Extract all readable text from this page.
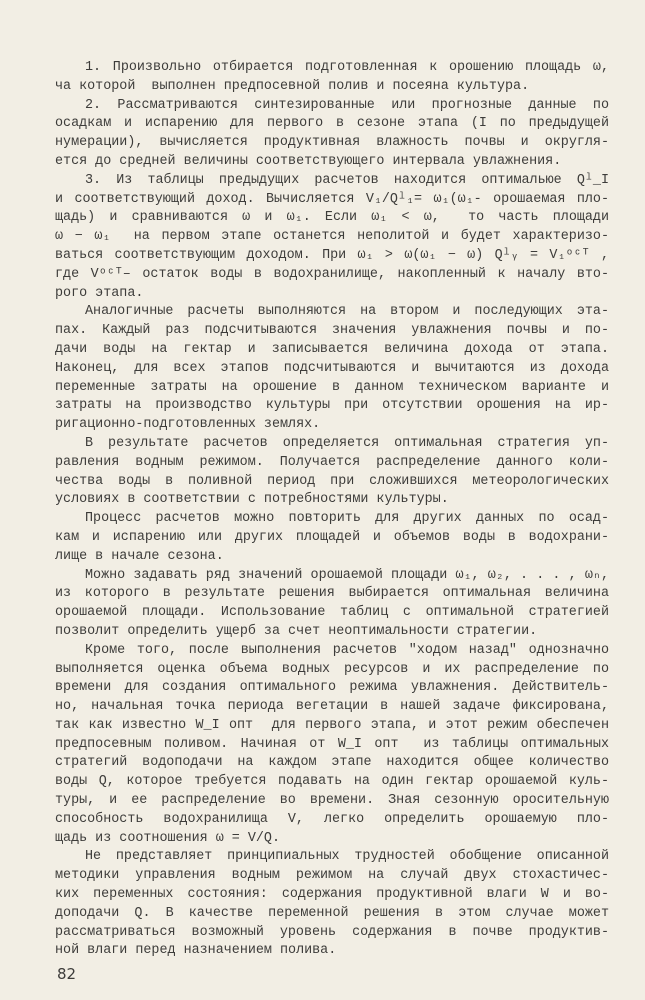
1. Произвольно отбирается подготовленная к орошению площадь ω,
ча которой  выполнен предпосевной полив и посеяна культура.
2. Рассматриваются синтезированные или прогнозные данные по
осадкам и испарению для первого в сезоне этапа (I по предыдущей
нумерации), вычисляется продуктивная влажность почвы и округля-
ется до средней величины соответствующего интервала увлажнения.
3. Из таблицы предыдущих расчетов находится оптимальюе Qˡ_I
и соответствующий доход. Вычисляется V₁/Qˡ₁= ω₁(ω₁- орошаемая пло-
щадь) и сравниваются ω и ω₁. Если ω₁ < ω,  то часть площади
ω − ω₁  на первом этапе останется неполитой и будет характеризо-
ваться соответствующим доходом. При ω₁ > ω(ω₁ − ω) Qˡᵧ = V₁ᵒᶜᵀ ,
где Vᵒᶜᵀ– остаток воды в водохранилище, накопленный к началу вто-
рого этапа.
Аналогичные расчеты выполняются на втором и последующих эта-
пах. Каждый раз подсчитываются значения увлажнения почвы и по-
дачи воды на гектар и записывается величина дохода от этапа.
Наконец, для всех этапов подсчитываются и вычитаются из дохода
переменные затраты на орошение в данном техническом варианте и
затраты на производство культуры при отсутствии орошения на ир-
ригационно-подготовленных землях.
В результате расчетов определяется оптимальная стратегия уп-
равления водным режимом. Получается распределение данного коли-
чества воды в поливной период при сложившихся метеорологических
условиях в соответствии с потребностями культуры.
Процесс расчетов можно повторить для других данных по осад-
кам и испарению или других площадей и объемов воды в водохрани-
лище в начале сезона.
Можно задавать ряд значений орошаемой площади ω₁, ω₂, . . . , ωₙ,
из которого в результате решения выбирается оптимальная величина
орошаемой площади. Использование таблиц с оптимальной стратегией
позволит определить ущерб за счет неоптимальности стратегии.
Кроме того, после выполнения расчетов "ходом назад" однозначно
выполняется оценка объема водных ресурсов и их распределение по
времени для создания оптимального режима увлажнения. Действитель-
но, начальная точка периода вегетации в нашей задаче фиксирована,
так как известно W_I опт  для первого этапа, и этот режим обеспечен
предпосевным поливом. Начиная от W_I опт  из таблицы оптимальных
стратегий водоподачи на каждом этапе находится общее количество
воды Q, которое требуется подавать на один гектар орошаемой куль-
туры, и ее распределение во времени. Зная сезонную оросительную
способность водохранилища V, легко определить орошаемую пло-
щадь из соотношения ω = V/Q.
Не представляет принципиальных трудностей обобщение описанной
методики управления водным режимом на случай двух стохастичес-
ких переменных состояния: содержания продуктивной влаги W и во-
доподачи Q. В качестве переменной решения в этом случае может
рассматриваться возможный уровень содержания в почве продуктив-
ной влаги перед назначением полива.
82
